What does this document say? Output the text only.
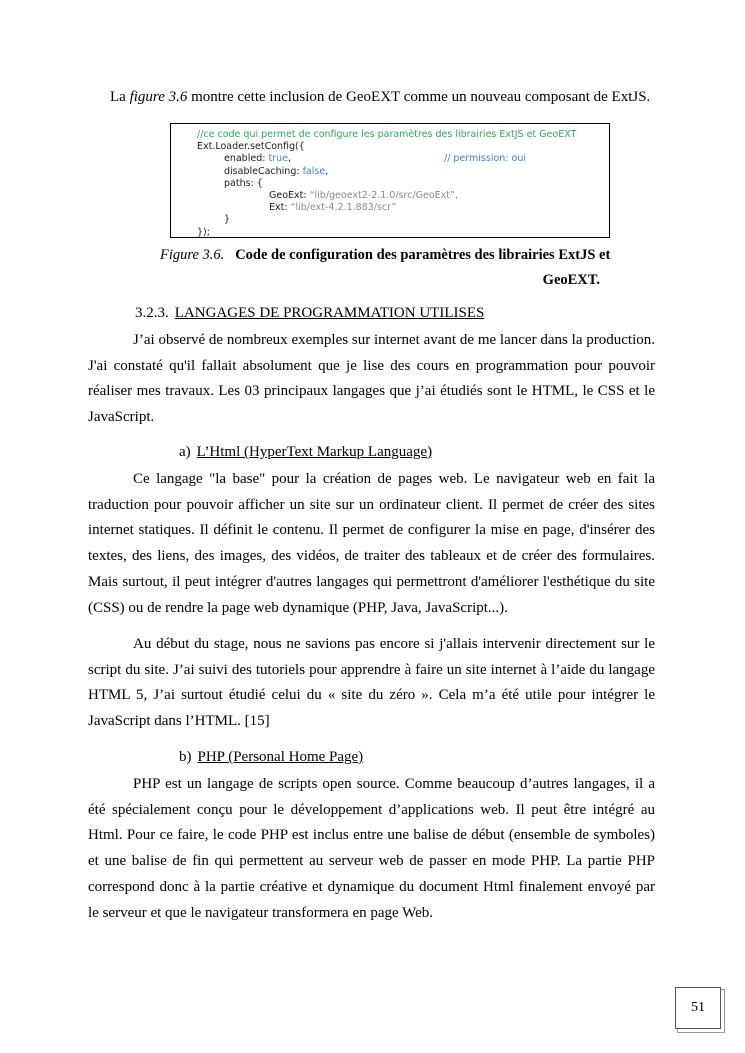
La figure 3.6 montre cette inclusion de GeoEXT comme un nouveau composant de ExtJS.
//ce code qui permet de configure les paramètres des librairies ExtJS et GeoEXT
Ext.Loader.setConfig({
enabled: true,	// permission: oui
disableCaching: false,
paths: {
GeoExt: “lib/geoext2-2.1.0/src/GeoExt”,
Ext: “lib/ext-4.2.1.883/scr”
}
});
Figure 3.6. Code de configuration des paramètres des librairies ExtJS et
GeoEXT.
3.2.3. LANGAGES DE PROGRAMMATION UTILISES

J’ai observé de nombreux exemples sur internet avant de me lancer dans la production. J'ai constaté qu'il fallait absolument que je lise des cours en programmation pour pouvoir réaliser mes travaux. Les 03 principaux langages que j’ai étudiés sont le HTML, le CSS et le JavaScript.

a) L’Html (HyperText Markup Language)

Ce langage "la base" pour la création de pages web. Le navigateur web en fait la traduction pour pouvoir afficher un site sur un ordinateur client. Il permet de créer des sites internet statiques. Il définit le contenu. Il permet de configurer la mise en page, d'insérer des textes, des liens, des images, des vidéos, de traiter des tableaux et de créer des formulaires. Mais surtout, il peut intégrer d'autres langages qui permettront d'améliorer l'esthétique du site (CSS) ou de rendre la page web dynamique (PHP, Java, JavaScript...).

Au début du stage, nous ne savions pas encore si j'allais intervenir directement sur le script du site. J’ai suivi des tutoriels pour apprendre à faire un site internet à l’aide du langage HTML 5, J’ai surtout étudié celui du « site du zéro ». Cela m’a été utile pour intégrer le JavaScript dans l’HTML. [15]

b) PHP (Personal Home Page)

PHP est un langage de scripts open source. Comme beaucoup d’autres langages, il a été spécialement conçu pour le développement d’applications web. Il peut être intégré au Html. Pour ce faire, le code PHP est inclus entre une balise de début (ensemble de symboles) et une balise de fin qui permettent au serveur web de passer en mode PHP. La partie PHP correspond donc à la partie créative et dynamique du document Html finalement envoyé par le serveur et que le navigateur transformera en page Web.

51
